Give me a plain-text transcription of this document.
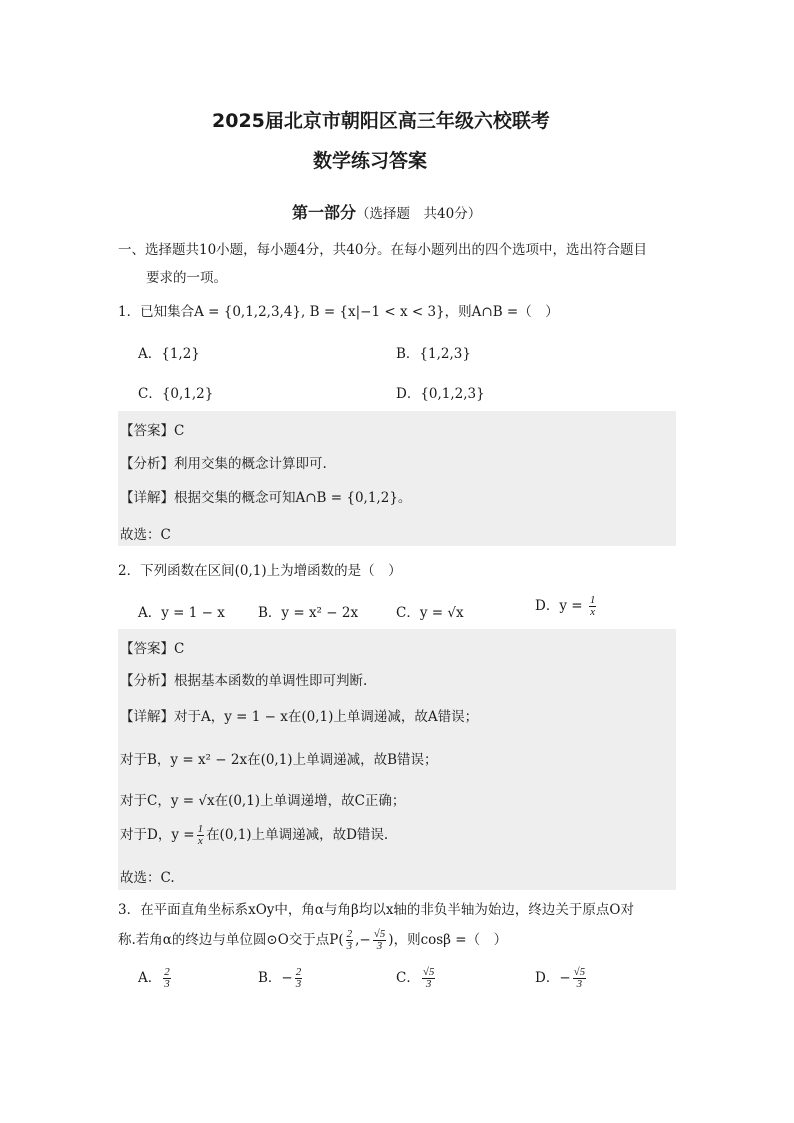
2025届北京市朝阳区高三年级六校联考
数学练习答案
第一部分（选择题　共40分）
一、选择题共10小题，每小题4分，共40分。在每小题列出的四个选项中，选出符合题目
要求的一项。
1．已知集合A = {0,1,2,3,4}, B = {x|−1 < x < 3}，则A∩B =（　）
A．{1,2}	B．{1,2,3}
C．{0,1,2}	D．{0,1,2,3}
【答案】C
【分析】利用交集的概念计算即可.
【详解】根据交集的概念可知A∩B = {0,1,2}。
故选：C
2．下列函数在区间(0,1)上为增函数的是（　）
A．y = 1 − x B．y = x² − 2x	C．y = √x	D．$y = \frac{1}{x}$
【答案】C
【分析】根据基本函数的单调性即可判断.
【详解】对于A，y = 1 − x在(0,1)上单调递减，故A错误；
对于B，y = x² − 2x在(0,1)上单调递减，故B错误；
对于C，y = √x在(0,1)上单调递增，故C正确；
对于D，$y = \frac{1}{x}$ 在(0,1)上单调递减，故D错误.
故选：C.
3．在平面直角坐标系xOy中，角α与角β均以x轴的非负半轴为始边，终边关于原点O对
称.若角α的终边与单位圆⊙O交于点$P( \frac{2}{3}$ ,− $\frac{√5}{3}$ )，则cosβ =（　）
A． $\frac{2}{3}$	B．− $\frac{2}{3}$	C． $\frac{√5}{3}$	D．− $\frac{√5}{3}$
